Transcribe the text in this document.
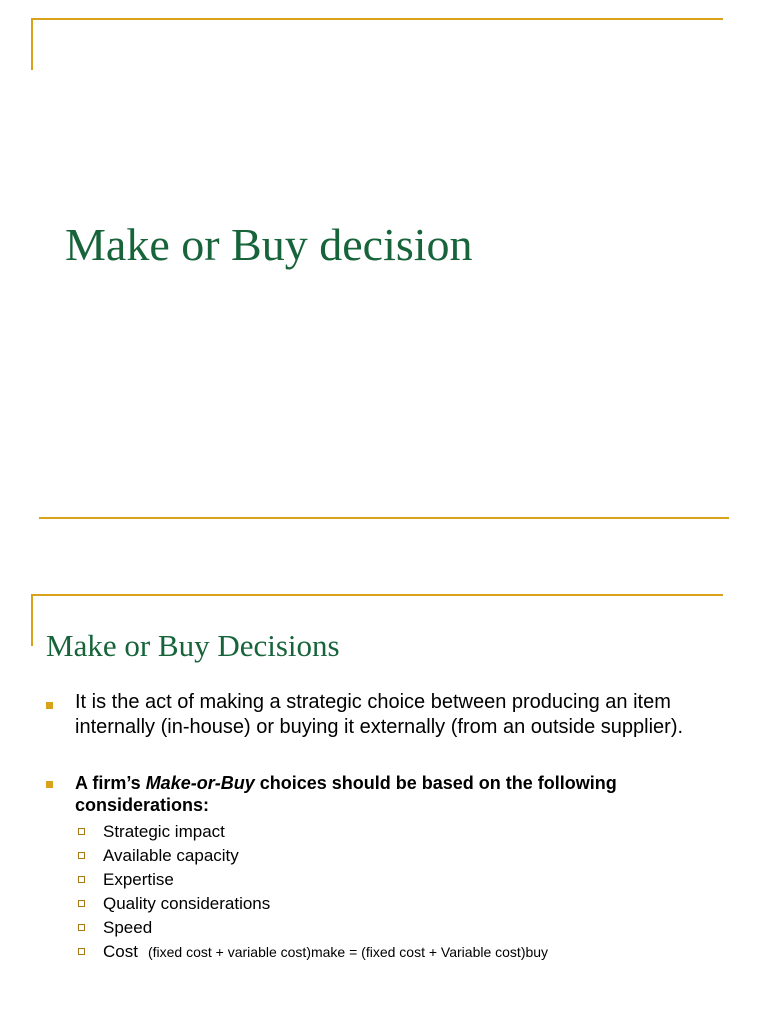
Make or Buy decision
Make or Buy Decisions

It is the act of making a strategic choice between producing an item internally (in-house) or buying it externally (from an outside supplier).

A firm’s Make-or-Buy choices should be based on the following considerations:

Strategic impact
Available capacity
Expertise
Quality considerations
Speed
Cost (fixed cost + variable cost)make = (fixed cost + Variable cost)buy
